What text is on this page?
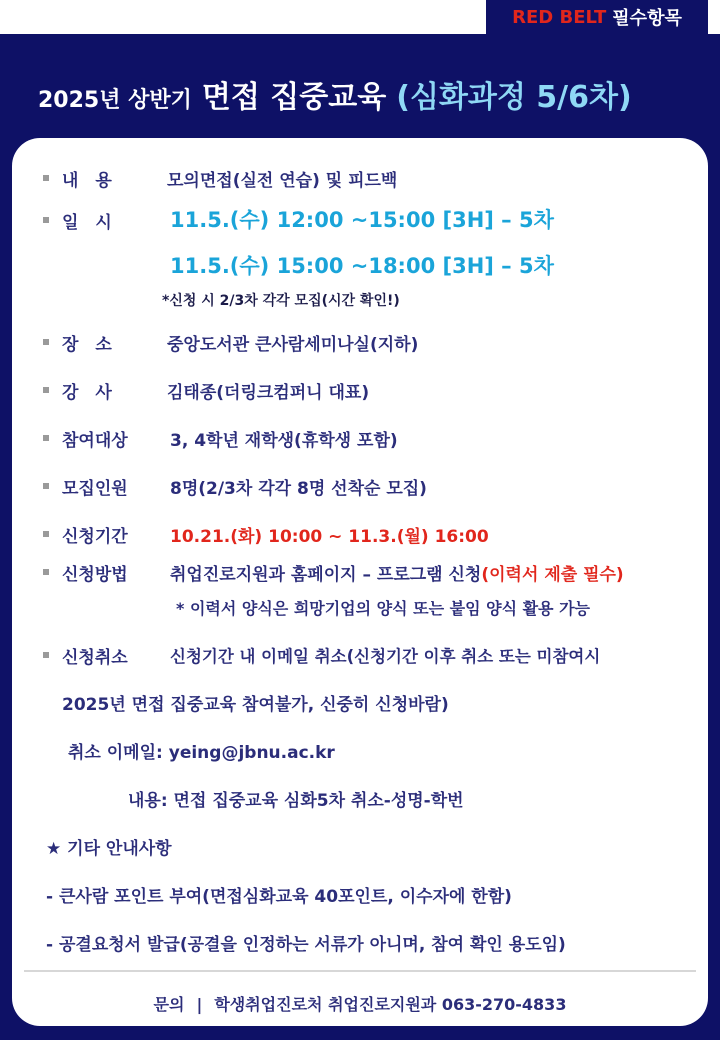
RED BELT 필수항목
2025년 상반기 면접 집중교육 (심화과정 5/6차)
내　용	모의면접(실전 연습) 및 피드백
일　시	11.5.(수) 12:00 ~15:00 [3H] – 5차
11.5.(수) 15:00 ~18:00 [3H] – 5차
*신청 시 2/3차 각각 모집(시간 확인!)
장　소	중앙도서관 큰사람세미나실(지하)
강　사	김태종(더링크컴퍼니 대표)
참여대상 3, 4학년 재학생(휴학생 포함)
모집인원 8명(2/3차 각각 8명 선착순 모집)
신청기간 10.21.(화) 10:00 ~ 11.3.(월) 16:00
신청방법 취업진로지원과 홈페이지 – 프로그램 신청(이력서 제출 필수)
* 이력서 양식은 희망기업의 양식 또는 붙임 양식 활용 가능
신청취소	신청기간 내 이메일 취소(신청기간 이후 취소 또는 미참여시
2025년 면접 집중교육 참여불가, 신중히 신청바람)
취소 이메일: yeing@jbnu.ac.kr
내용: 면접 집중교육 심화5차 취소-성명-학번
★ 기타 안내사항
- 큰사람 포인트 부여(면접심화교육 40포인트, 이수자에 한함)
- 공결요청서 발급(공결을 인정하는 서류가 아니며, 참여 확인 용도임)
문의 | 학생취업진로처 취업진로지원과 063-270-4833
